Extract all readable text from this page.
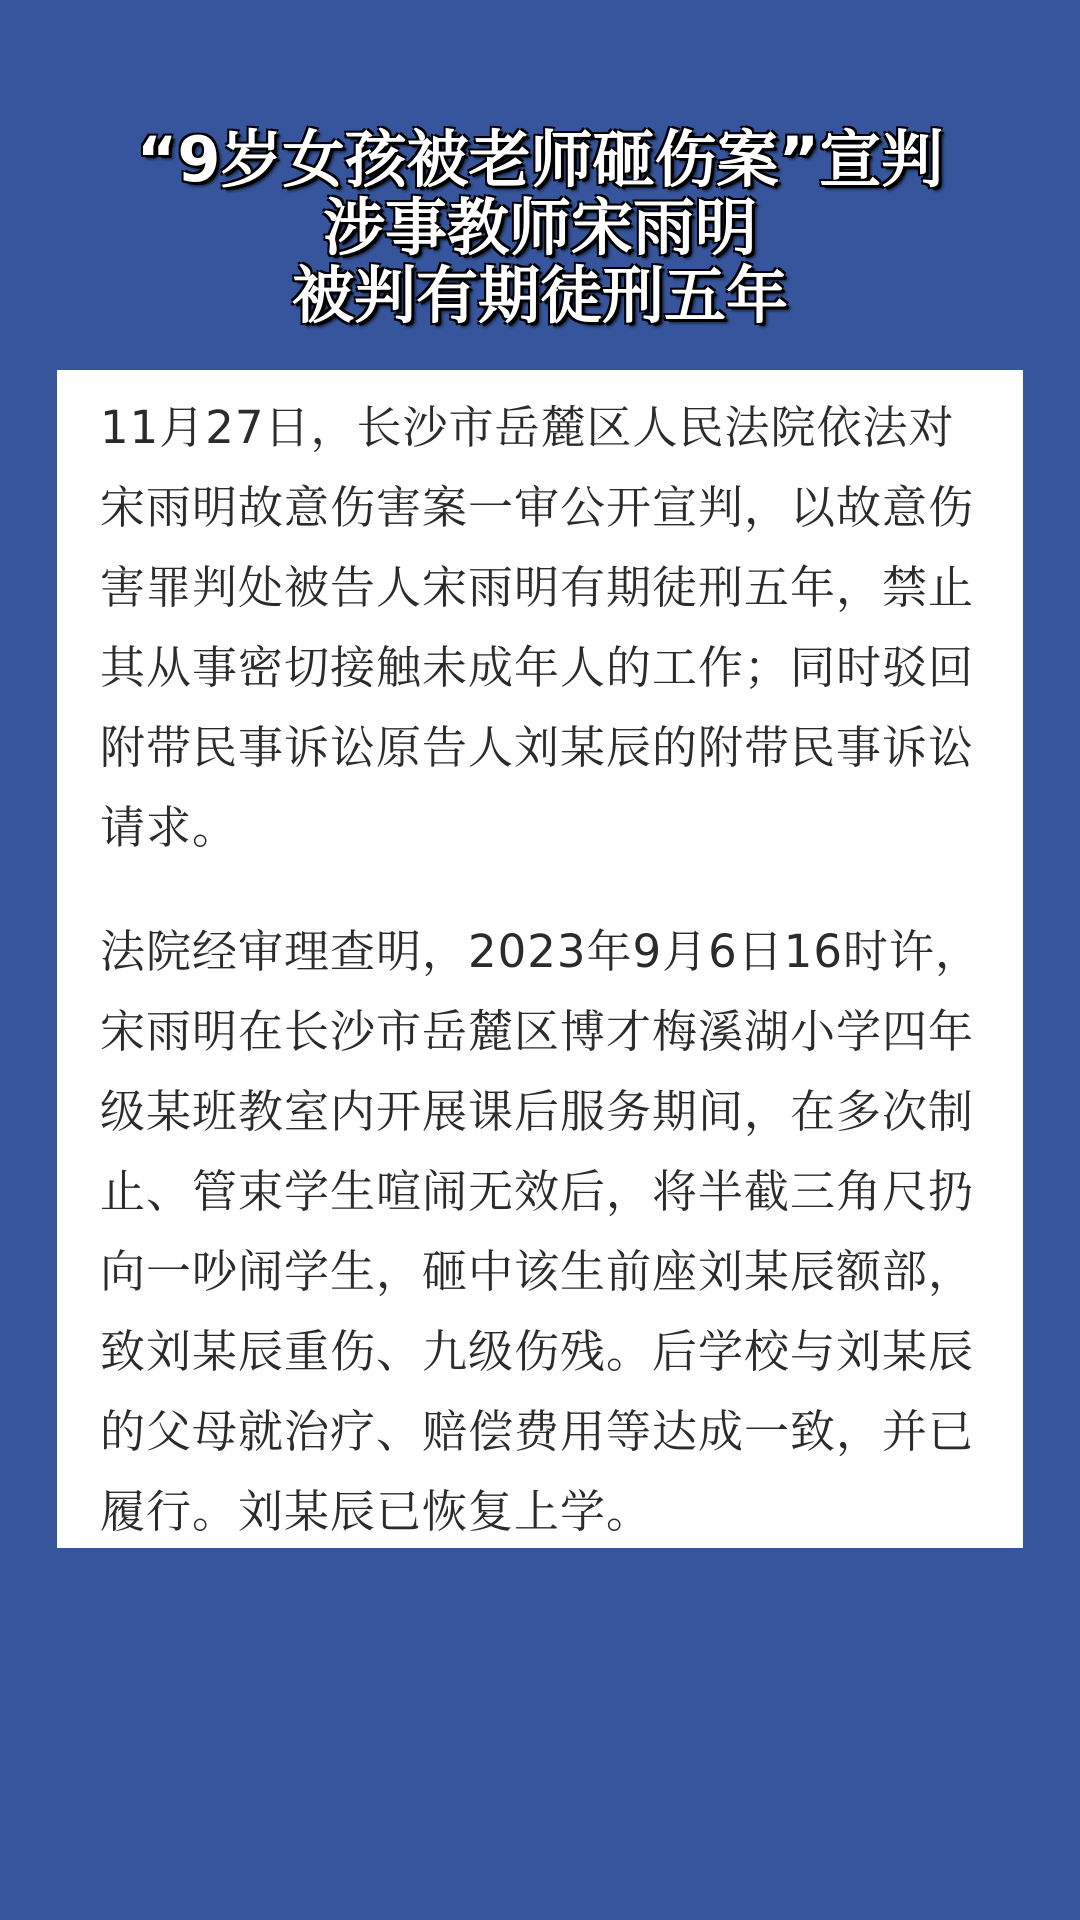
“9岁女孩被老师砸伤案”宣判
涉事教师宋雨明
被判有期徒刑五年

11月27日，长沙市岳麓区人民法院依法对宋雨明故意伤害案一审公开宣判，以故意伤害罪判处被告人宋雨明有期徒刑五年，禁止其从事密切接触未成年人的工作；同时驳回附带民事诉讼原告人刘某辰的附带民事诉讼请求。

法院经审理查明，2023年9月6日16时许，宋雨明在长沙市岳麓区博才梅溪湖小学四年级某班教室内开展课后服务期间，在多次制止、管束学生喧闹无效后，将半截三角尺扔向一吵闹学生，砸中该生前座刘某辰额部，致刘某辰重伤、九级伤残。后学校与刘某辰的父母就治疗、赔偿费用等达成一致，并已履行。刘某辰已恢复上学。
